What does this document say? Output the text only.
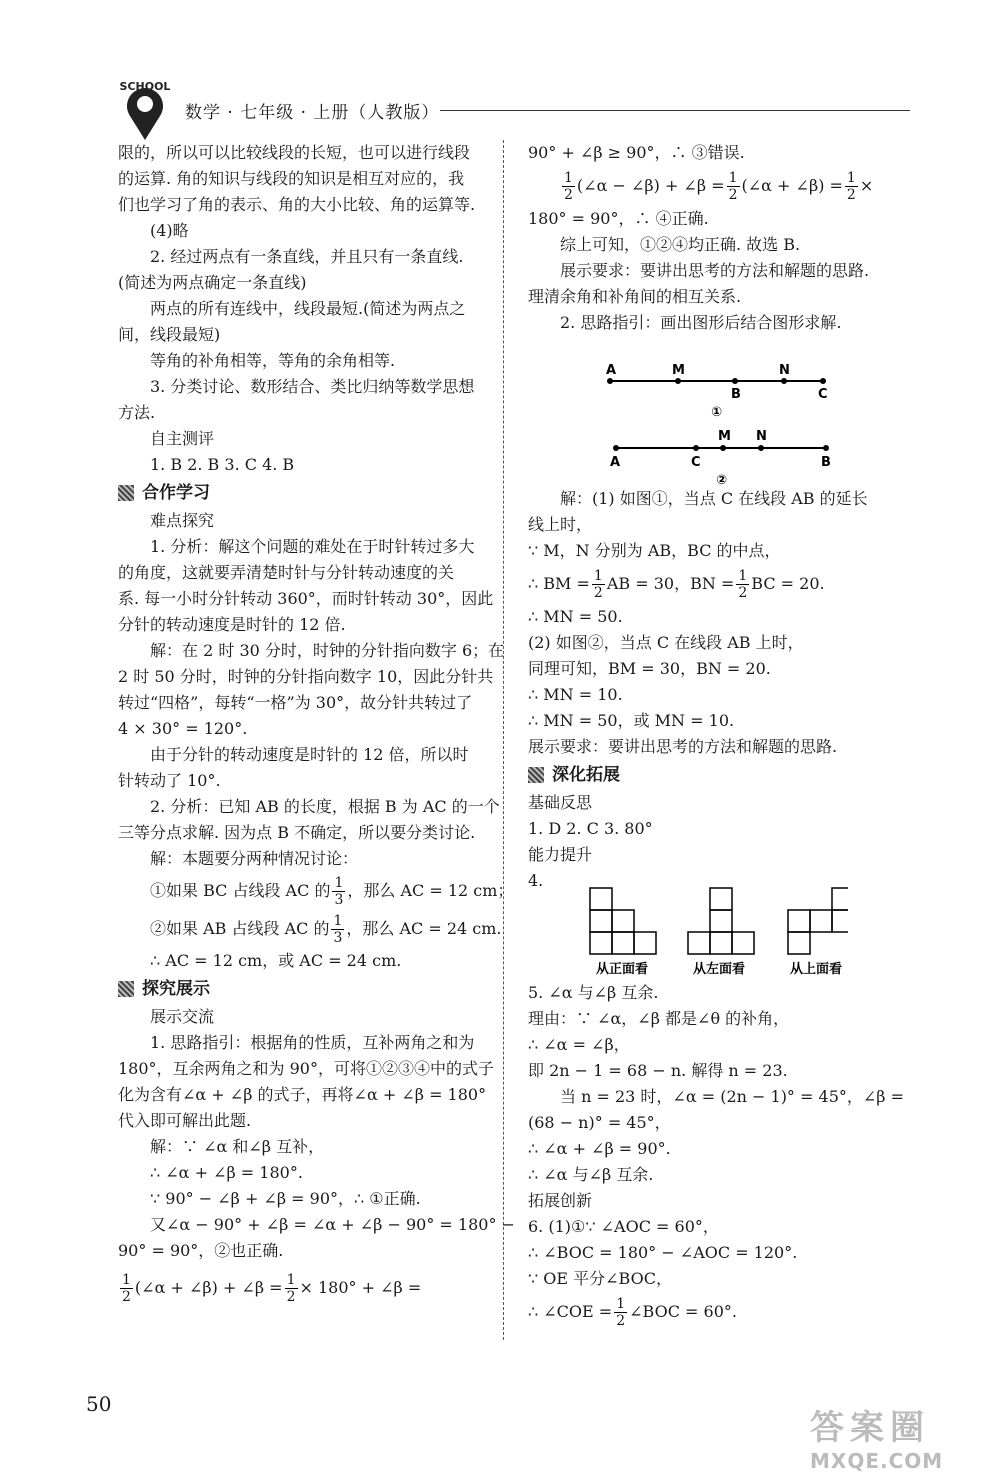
SCHOOL
数学 · 七年级 · 上册（人教版）

限的，所以可以比较线段的长短，也可以进行线段

的运算. 角的知识与线段的知识是相互对应的，我

们也学习了角的表示、角的大小比较、角的运算等.

(4)略

2. 经过两点有一条直线，并且只有一条直线.

(简述为两点确定一条直线)

两点的所有连线中，线段最短.(简述为两点之

间，线段最短)

等角的补角相等，等角的余角相等.

3. 分类讨论、数形结合、类比归纳等数学思想

方法.

自主测评

1. B 2. B 3. C 4. B

合作学习

难点探究

1. 分析：解这个问题的难处在于时针转过多大

的角度，这就要弄清楚时针与分针转动速度的关

系. 每一小时分针转动 360°，而时针转动 30°，因此

分针的转动速度是时针的 12 倍.

解：在 2 时 30 分时，时钟的分针指向数字 6；在

2 时 50 分时，时钟的分针指向数字 10，因此分针共

转过“四格”，每转“一格”为 30°，故分针共转过了

4 × 30° = 120°.

由于分针的转动速度是时针的 12 倍，所以时

针转动了 10°.

2. 分析：已知 AB 的长度，根据 B 为 AC 的一个

三等分点求解. 因为点 B 不确定，所以要分类讨论.

解：本题要分两种情况讨论：

①如果 BC 占线段 AC 的 $\frac{1}{3}$ ，那么 AC = 12 cm；

②如果 AB 占线段 AC 的 $\frac{1}{3}$ ，那么 AC = 24 cm.

∴ AC = 12 cm，或 AC = 24 cm.

探究展示

展示交流

1. 思路指引：根据角的性质，互补两角之和为

180°，互余两角之和为 90°，可将①②③④中的式子

化为含有∠α + ∠β 的式子，再将∠α + ∠β = 180°

代入即可解出此题.

解：∵ ∠α 和∠β 互补，

∴ ∠α + ∠β = 180°.

∵ 90° − ∠β + ∠β = 90°，∴ ①正确.

又∠α − 90° + ∠β = ∠α + ∠β − 90° = 180° −

90° = 90°，②也正确.

$\frac{1}{2}$ (∠α + ∠β) + ∠β = $\frac{1}{2} \times 180^\circ$ + ∠β =

90° + ∠β ≥ 90°，∴ ③错误.

$\frac{1}{2}$ (∠α − ∠β) + ∠β = $\frac{1}{2}$ (∠α + ∠β) = $\frac{1}{2}$ ×

180° = 90°，∴ ④正确.

综上可知，①②④均正确. 故选 B.

展示要求：要讲出思考的方法和解题的思路.

理清余角和补角间的相互关系.

2. 思路指引：画出图形后结合图形求解.

A	M
B
N
C
①
A	C
M N
B
②

解：(1) 如图①，当点 C 在线段 AB 的延长

线上时，

∵ M，N 分别为 AB，BC 的中点，

∴ BM = $\frac{1}{2}$ AB = 30，BN = $\frac{1}{2}$ BC = 20.

∴ MN = 50.

(2) 如图②，当点 C 在线段 AB 上时，

同理可知，BM = 30，BN = 20.

∴ MN = 10.

∴ MN = 50，或 MN = 10.

展示要求：要讲出思考的方法和解题的思路.

深化拓展

基础反思

1. D 2. C 3. 80°

能力提升

4.

从正面看	从左面看	从上面看

5. ∠α 与∠β 互余.

理由：∵ ∠α，∠β 都是∠θ 的补角，

∴ ∠α = ∠β，

即 2n − 1 = 68 − n. 解得 n = 23.

当 n = 23 时，∠α = (2n − 1)° = 45°，∠β =

(68 − n)° = 45°，

∴ ∠α + ∠β = 90°.

∴ ∠α 与∠β 互余.

拓展创新

6. (1)①∵ ∠AOC = 60°，

∴ ∠BOC = 180° − ∠AOC = 120°.

∵ OE 平分∠BOC，

∴ ∠COE = $\frac{1}{2}$ ∠BOC = 60°.

50
答案圈
MXQE.COM
